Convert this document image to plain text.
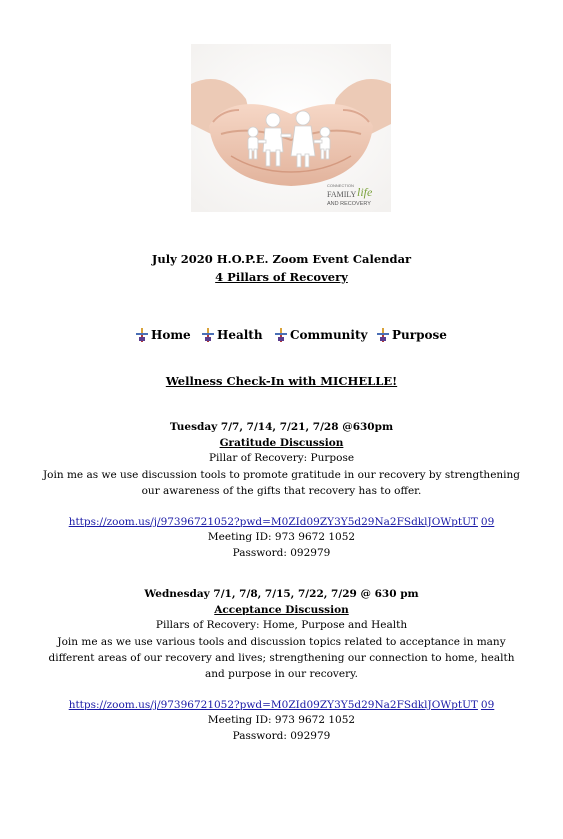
CONNECTION
FAMILY life
AND RECOVERY
July 2020 H.O.P.E. Zoom Event Calendar
4 Pillars of Recovery
Home Health Community Purpose
Wellness Check-In with MICHELLE!
Tuesday 7/7, 7/14, 7/21, 7/28 @630pm
Gratitude Discussion
Pillar of Recovery: Purpose
Join me as we use discussion tools to promote gratitude in our recovery by strengthening
our awareness of the gifts that recovery has to offer.
https://zoom.us/j/97396721052?pwd=M0ZId09ZY3Y5d29Na2FSdklJOWptUT 09
Meeting ID: 973 9672 1052
Password: 092979
Wednesday 7/1, 7/8, 7/15, 7/22, 7/29 @ 630 pm
Acceptance Discussion
Pillars of Recovery: Home, Purpose and Health
Join me as we use various tools and discussion topics related to acceptance in many
different areas of our recovery and lives; strengthening our connection to home, health
and purpose in our recovery.
https://zoom.us/j/97396721052?pwd=M0ZId09ZY3Y5d29Na2FSdklJOWptUT 09
Meeting ID: 973 9672 1052
Password: 092979
